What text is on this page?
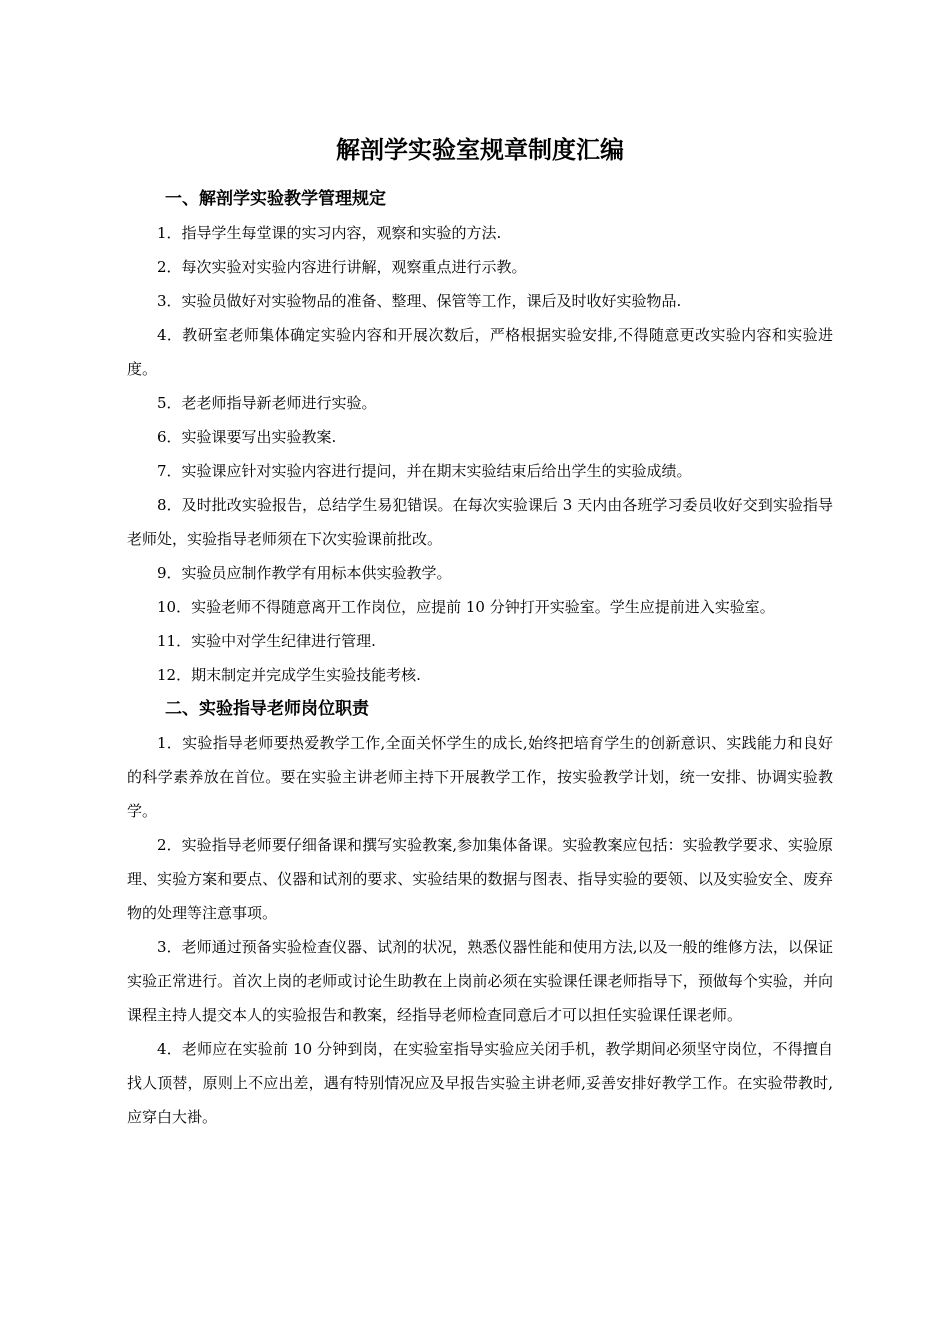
解剖学实验室规章制度汇编
一、解剖学实验教学管理规定

1．指导学生每堂课的实习内容，观察和实验的方法.

2．每次实验对实验内容进行讲解，观察重点进行示教。

3．实验员做好对实验物品的准备、整理、保管等工作，课后及时收好实验物品.

4．教研室老师集体确定实验内容和开展次数后，严格根据实验安排,不得随意更改实验内容和实验进度。

5．老老师指导新老师进行实验。

6．实验课要写出实验教案.

7．实验课应针对实验内容进行提问，并在期末实验结束后给出学生的实验成绩。

8．及时批改实验报告，总结学生易犯错误。在每次实验课后 3 天内由各班学习委员收好交到实验指导老师处，实验指导老师须在下次实验课前批改。

9．实验员应制作教学有用标本供实验教学。

10．实验老师不得随意离开工作岗位，应提前 10 分钟打开实验室。学生应提前进入实验室。

11．实验中对学生纪律进行管理.

12．期末制定并完成学生实验技能考核.

二、实验指导老师岗位职责

1．实验指导老师要热爱教学工作,全面关怀学生的成长,始终把培育学生的创新意识、实践能力和良好的科学素养放在首位。要在实验主讲老师主持下开展教学工作，按实验教学计划，统一安排、协调实验教学。

2．实验指导老师要仔细备课和撰写实验教案,参加集体备课。实验教案应包括：实验教学要求、实验原理、实验方案和要点、仪器和试剂的要求、实验结果的数据与图表、指导实验的要领、以及实验安全、废弃物的处理等注意事项。

3．老师通过预备实验检查仪器、试剂的状况，熟悉仪器性能和使用方法,以及一般的维修方法，以保证实验正常进行。首次上岗的老师或讨论生助教在上岗前必须在实验课任课老师指导下，预做每个实验，并向课程主持人提交本人的实验报告和教案，经指导老师检查同意后才可以担任实验课任课老师。

4．老师应在实验前 10 分钟到岗，在实验室指导实验应关闭手机，教学期间必须坚守岗位，不得擅自找人顶替，原则上不应出差，遇有特别情况应及早报告实验主讲老师,妥善安排好教学工作。在实验带教时,应穿白大褂。
